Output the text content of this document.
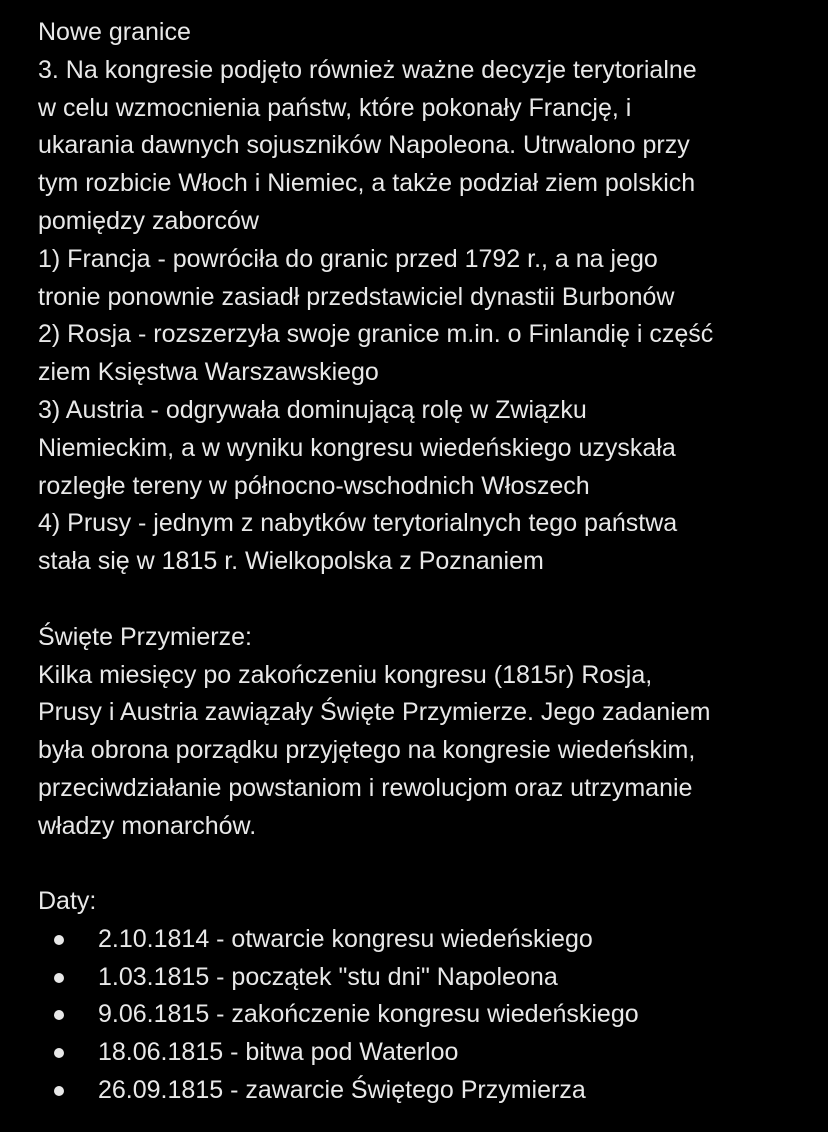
Nowe granice

3. Na kongresie podjęto również ważne decyzje terytorialne

w celu wzmocnienia państw, które pokonały Francję, i

ukarania dawnych sojuszników Napoleona. Utrwalono przy

tym rozbicie Włoch i Niemiec, a także podział ziem polskich

pomiędzy zaborców

1) Francja - powróciła do granic przed 1792 r., a na jego

tronie ponownie zasiadł przedstawiciel dynastii Burbonów

2) Rosja - rozszerzyła swoje granice m.in. o Finlandię i część

ziem Księstwa Warszawskiego

3) Austria - odgrywała dominującą rolę w Związku

Niemieckim, a w wyniku kongresu wiedeńskiego uzyskała

rozległe tereny w północno-wschodnich Włoszech

4) Prusy - jednym z nabytków terytorialnych tego państwa

stała się w 1815 r. Wielkopolska z Poznaniem

Święte Przymierze:

Kilka miesięcy po zakończeniu kongresu (1815r) Rosja,

Prusy i Austria zawiązały Święte Przymierze. Jego zadaniem

była obrona porządku przyjętego na kongresie wiedeńskim,

przeciwdziałanie powstaniom i rewolucjom oraz utrzymanie

władzy monarchów.

Daty:

2.10.1814 - otwarcie kongresu wiedeńskiego
1.03.1815 - początek "stu dni" Napoleona
9.06.1815 - zakończenie kongresu wiedeńskiego
18.06.1815 - bitwa pod Waterloo
26.09.1815 - zawarcie Świętego Przymierza
